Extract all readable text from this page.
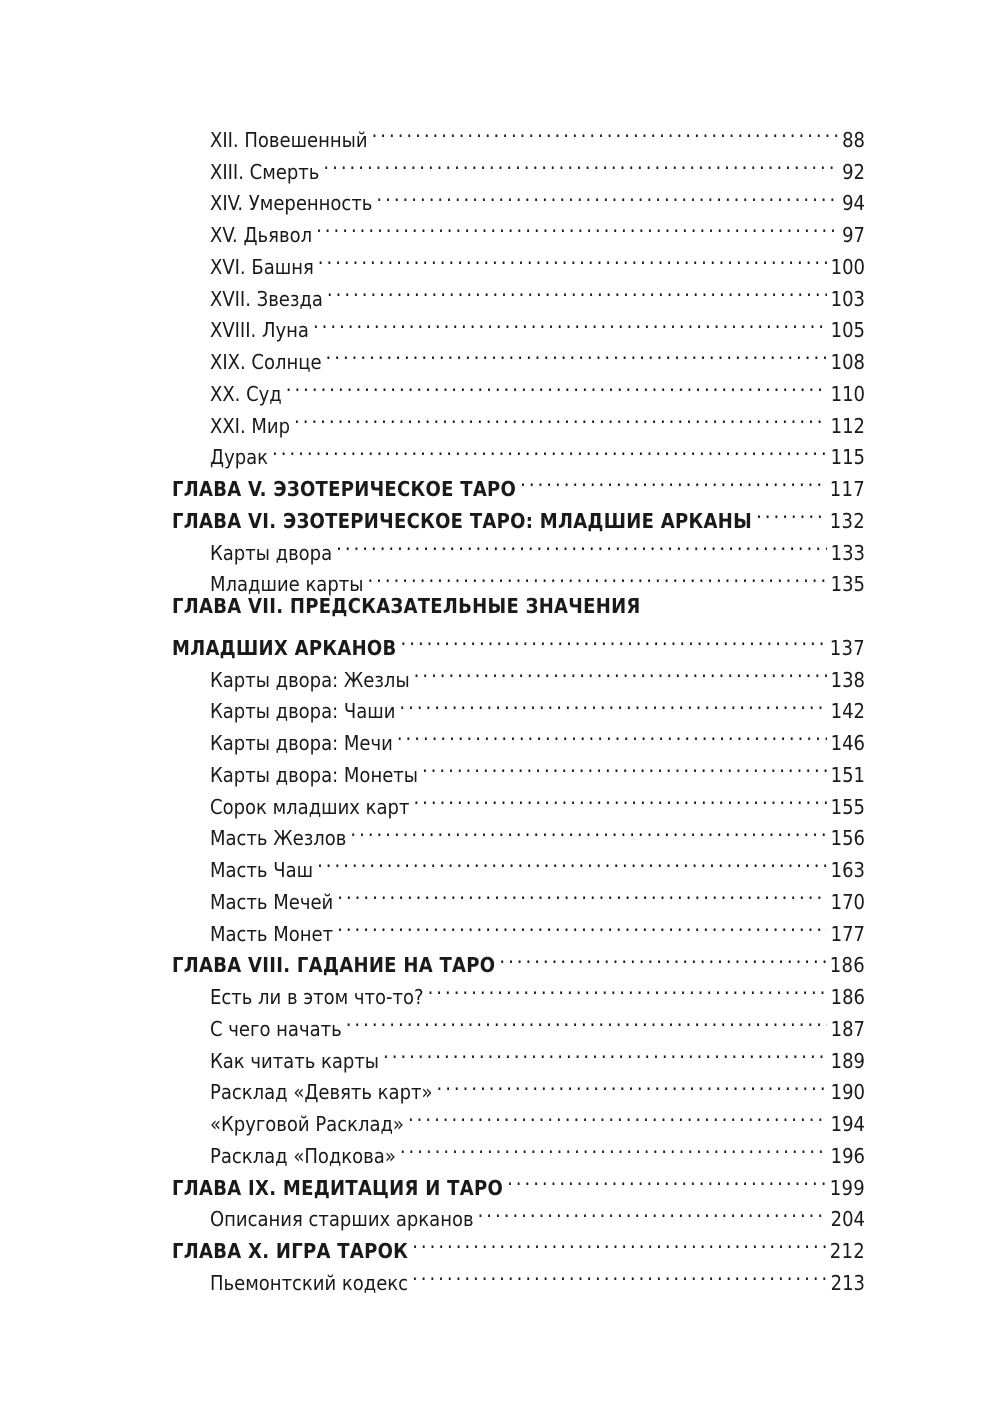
XII. Повешенный .....	88
XIII. Смерть .....	92
XIV. Умеренность .....	94
XV. Дьявол .....	97
XVI. Башня .....	100
XVII. Звезда .....	103
XVIII. Луна .....	105
XIX. Солнце .....	108
XX. Суд .....	110
XXI. Мир .....	112
Дурак .....	115
ГЛАВА V. ЭЗОТЕРИЧЕСКОЕ ТАРО .....	117
ГЛАВА VI. ЭЗОТЕРИЧЕСКОЕ ТАРО: МЛАДШИЕ АРКАНЫ .....	132
Карты двора .....	133
Младшие карты .....	135
ГЛАВА VII. ПРЕДСКАЗАТЕЛЬНЫЕ ЗНАЧЕНИЯ
МЛАДШИХ АРКАНОВ .....	137
Карты двора: Жезлы .....	138
Карты двора: Чаши .....	142
Карты двора: Мечи .....	146
Карты двора: Монеты .....	151
Сорок младших карт .....	155
Масть Жезлов .....	156
Масть Чаш .....	163
Масть Мечей .....	170
Масть Монет .....	177
ГЛАВА VIII. ГАДАНИЕ НА ТАРО .....	186
Есть ли в этом что-то? .....	186
С чего начать .....	187
Как читать карты .....	189
Расклад «Девять карт» .....	190
«Круговой Расклад» .....	194
Расклад «Подкова» .....	196
ГЛАВА IX. МЕДИТАЦИЯ И ТАРО .....	199
Описания старших арканов .....	204
ГЛАВА X. ИГРА ТАРОК .....	212
Пьемонтский кодекс .....	213
